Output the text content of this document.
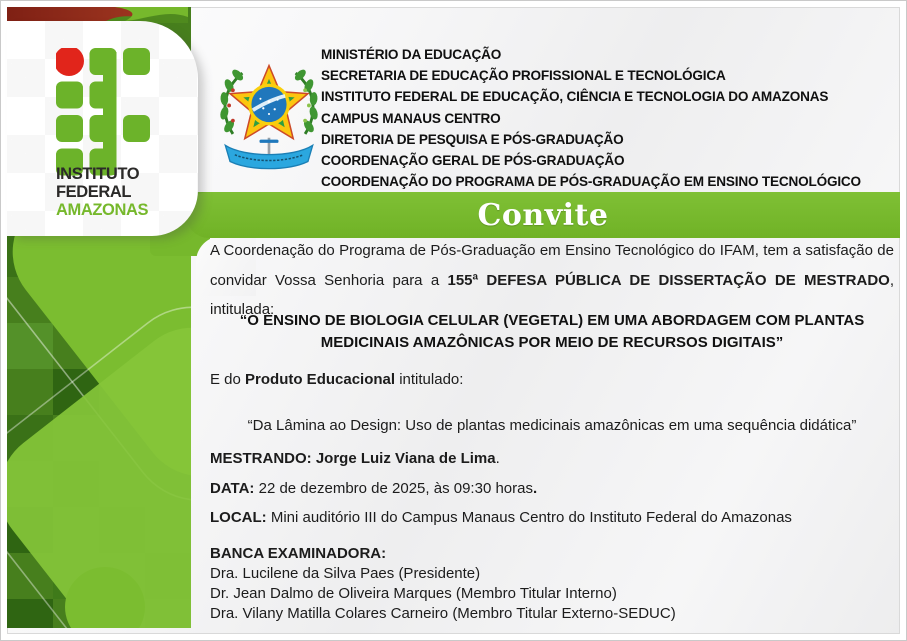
INSTITUTO
FEDERAL
AMAZONAS
MINISTÉRIO DA EDUCAÇÃO
SECRETARIA DE EDUCAÇÃO PROFISSIONAL E TECNOLÓGICA
INSTITUTO FEDERAL DE EDUCAÇÃO, CIÊNCIA E TECNOLOGIA DO AMAZONAS
CAMPUS MANAUS CENTRO
DIRETORIA DE PESQUISA E PÓS-GRADUAÇÃO
COORDENAÇÃO GERAL DE PÓS-GRADUAÇÃO
COORDENAÇÃO DO PROGRAMA DE PÓS-GRADUAÇÃO EM ENSINO TECNOLÓGICO
Convite
A Coordenação do Programa de Pós-Graduação em Ensino Tecnológico do IFAM, tem a satisfação de convidar Vossa Senhoria para a 155ª DEFESA PÚBLICA DE DISSERTAÇÃO DE MESTRADO, intitulada:
“O ENSINO DE BIOLOGIA CELULAR (VEGETAL) EM UMA ABORDAGEM COM PLANTAS MEDICINAIS AMAZÔNICAS POR MEIO DE RECURSOS DIGITAIS”
E do Produto Educacional intitulado:
“Da Lâmina ao Design: Uso de plantas medicinais amazônicas em uma sequência didática”
MESTRANDO: Jorge Luiz Viana de Lima.
DATA: 22 de dezembro de 2025, às 09:30 horas.
LOCAL: Mini auditório III do Campus Manaus Centro do Instituto Federal do Amazonas
BANCA EXAMINADORA:
Dra. Lucilene da Silva Paes (Presidente)
Dr. Jean Dalmo de Oliveira Marques (Membro Titular Interno)
Dra. Vilany Matilla Colares Carneiro (Membro Titular Externo-SEDUC)
